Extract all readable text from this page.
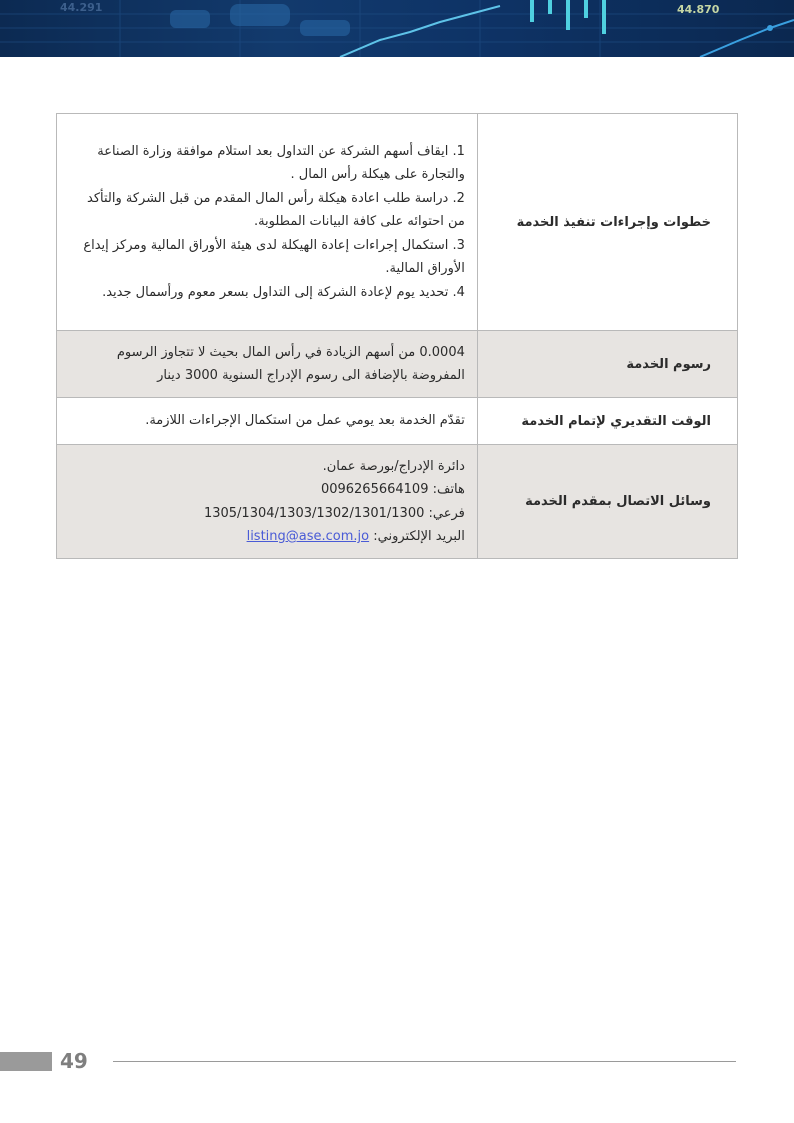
44.291	44.870
خطوات وإجراءات تنفيذ الخدمة	1. ايقاف أسهم الشركة عن التداول بعد استلام موافقة وزارة الصناعة والتجارة على هيكلة رأس المال .
2. دراسة طلب اعادة هيكلة رأس المال المقدم من قبل الشركة والتأكد من احتوائه على كافة البيانات المطلوبة.
3. استكمال إجراءات إعادة الهيكلة لدى هيئة الأوراق المالية ومركز إيداع الأوراق المالية.
4. تحديد يوم لإعادة الشركة إلى التداول بسعر معوم ورأسمال جديد.

رسوم الخدمة	0.0004 من أسهم الزيادة في رأس المال بحيث لا تتجاوز الرسوم المفروضة بالإضافة الى رسوم الإدراج السنوية 3000 دينار
الوقت التقديري لإتمام الخدمة	تقدّم الخدمة بعد يومي عمل من استكمال الإجراءات اللازمة.
وسائل الاتصال بمقدم الخدمة	دائرة الإدراج/بورصة عمان.
هاتف: 0096265664109
فرعي: 1305/1304/1303/1302/1301/1300
البريد الإلكتروني: listing@ase.com.jo
49
